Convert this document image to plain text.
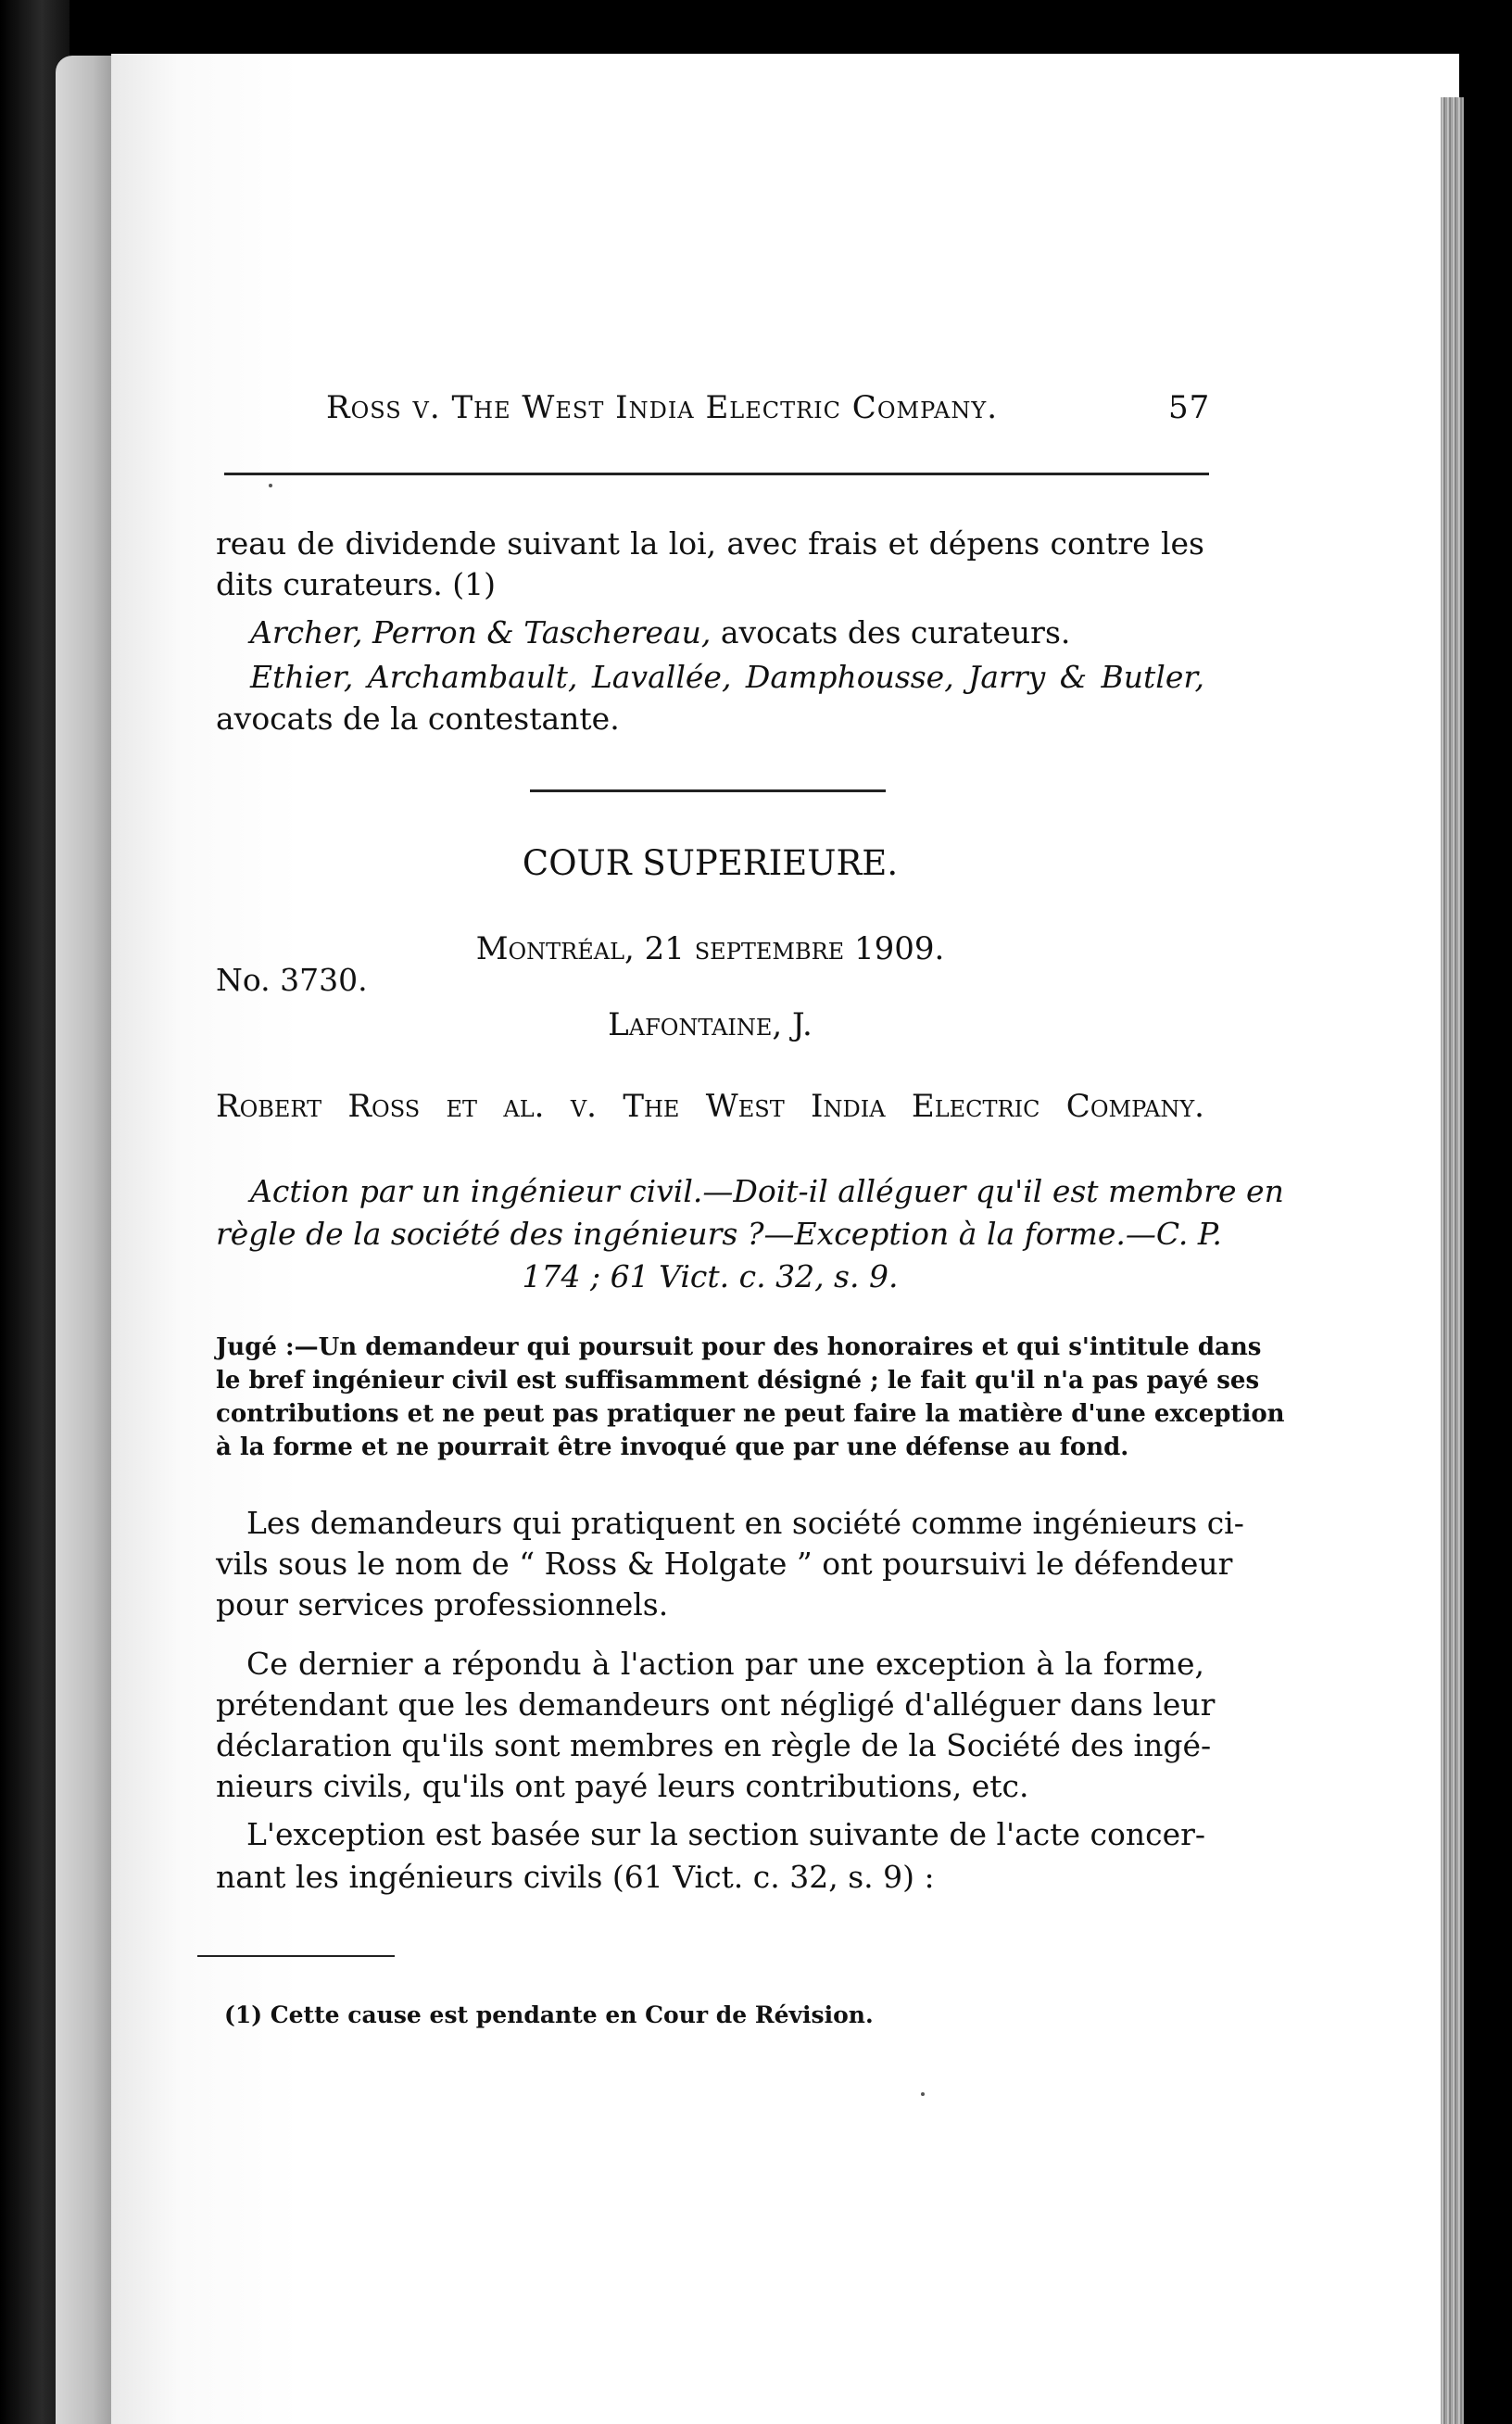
Ross v. The West India Electric Company.	57
reau de dividende suivant la loi, avec frais et dépens contre les
dits curateurs. (1)
Archer, Perron & Taschereau, avocats des curateurs.
Ethier, Archambault, Lavallée, Damphousse, Jarry & Butler,
avocats de la contestante.
COUR SUPERIEURE.
Montréal, 21 septembre 1909.
No. 3730.
Lafontaine, J.
Robert Ross et al. v. The West India Electric Company.
Action par un ingénieur civil.—Doit-il alléguer qu'il est membre en
règle de la société des ingénieurs ?—Exception à la forme.—C. P.
174 ; 61 Vict. c. 32, s. 9.
Jugé :—Un demandeur qui poursuit pour des honoraires et qui s'intitule dans
le bref ingénieur civil est suffisamment désigné ; le fait qu'il n'a pas payé ses
contributions et ne peut pas pratiquer ne peut faire la matière d'une exception
à la forme et ne pourrait être invoqué que par une défense au fond.
Les demandeurs qui pratiquent en société comme ingénieurs ci-
vils sous le nom de “ Ross & Holgate ” ont poursuivi le défendeur
pour services professionnels.
Ce dernier a répondu à l'action par une exception à la forme,
prétendant que les demandeurs ont négligé d'alléguer dans leur
déclaration qu'ils sont membres en règle de la Société des ingé-
nieurs civils, qu'ils ont payé leurs contributions, etc.
L'exception est basée sur la section suivante de l'acte concer-
nant les ingénieurs civils (61 Vict. c. 32, s. 9) :
(1) Cette cause est pendante en Cour de Révision.
